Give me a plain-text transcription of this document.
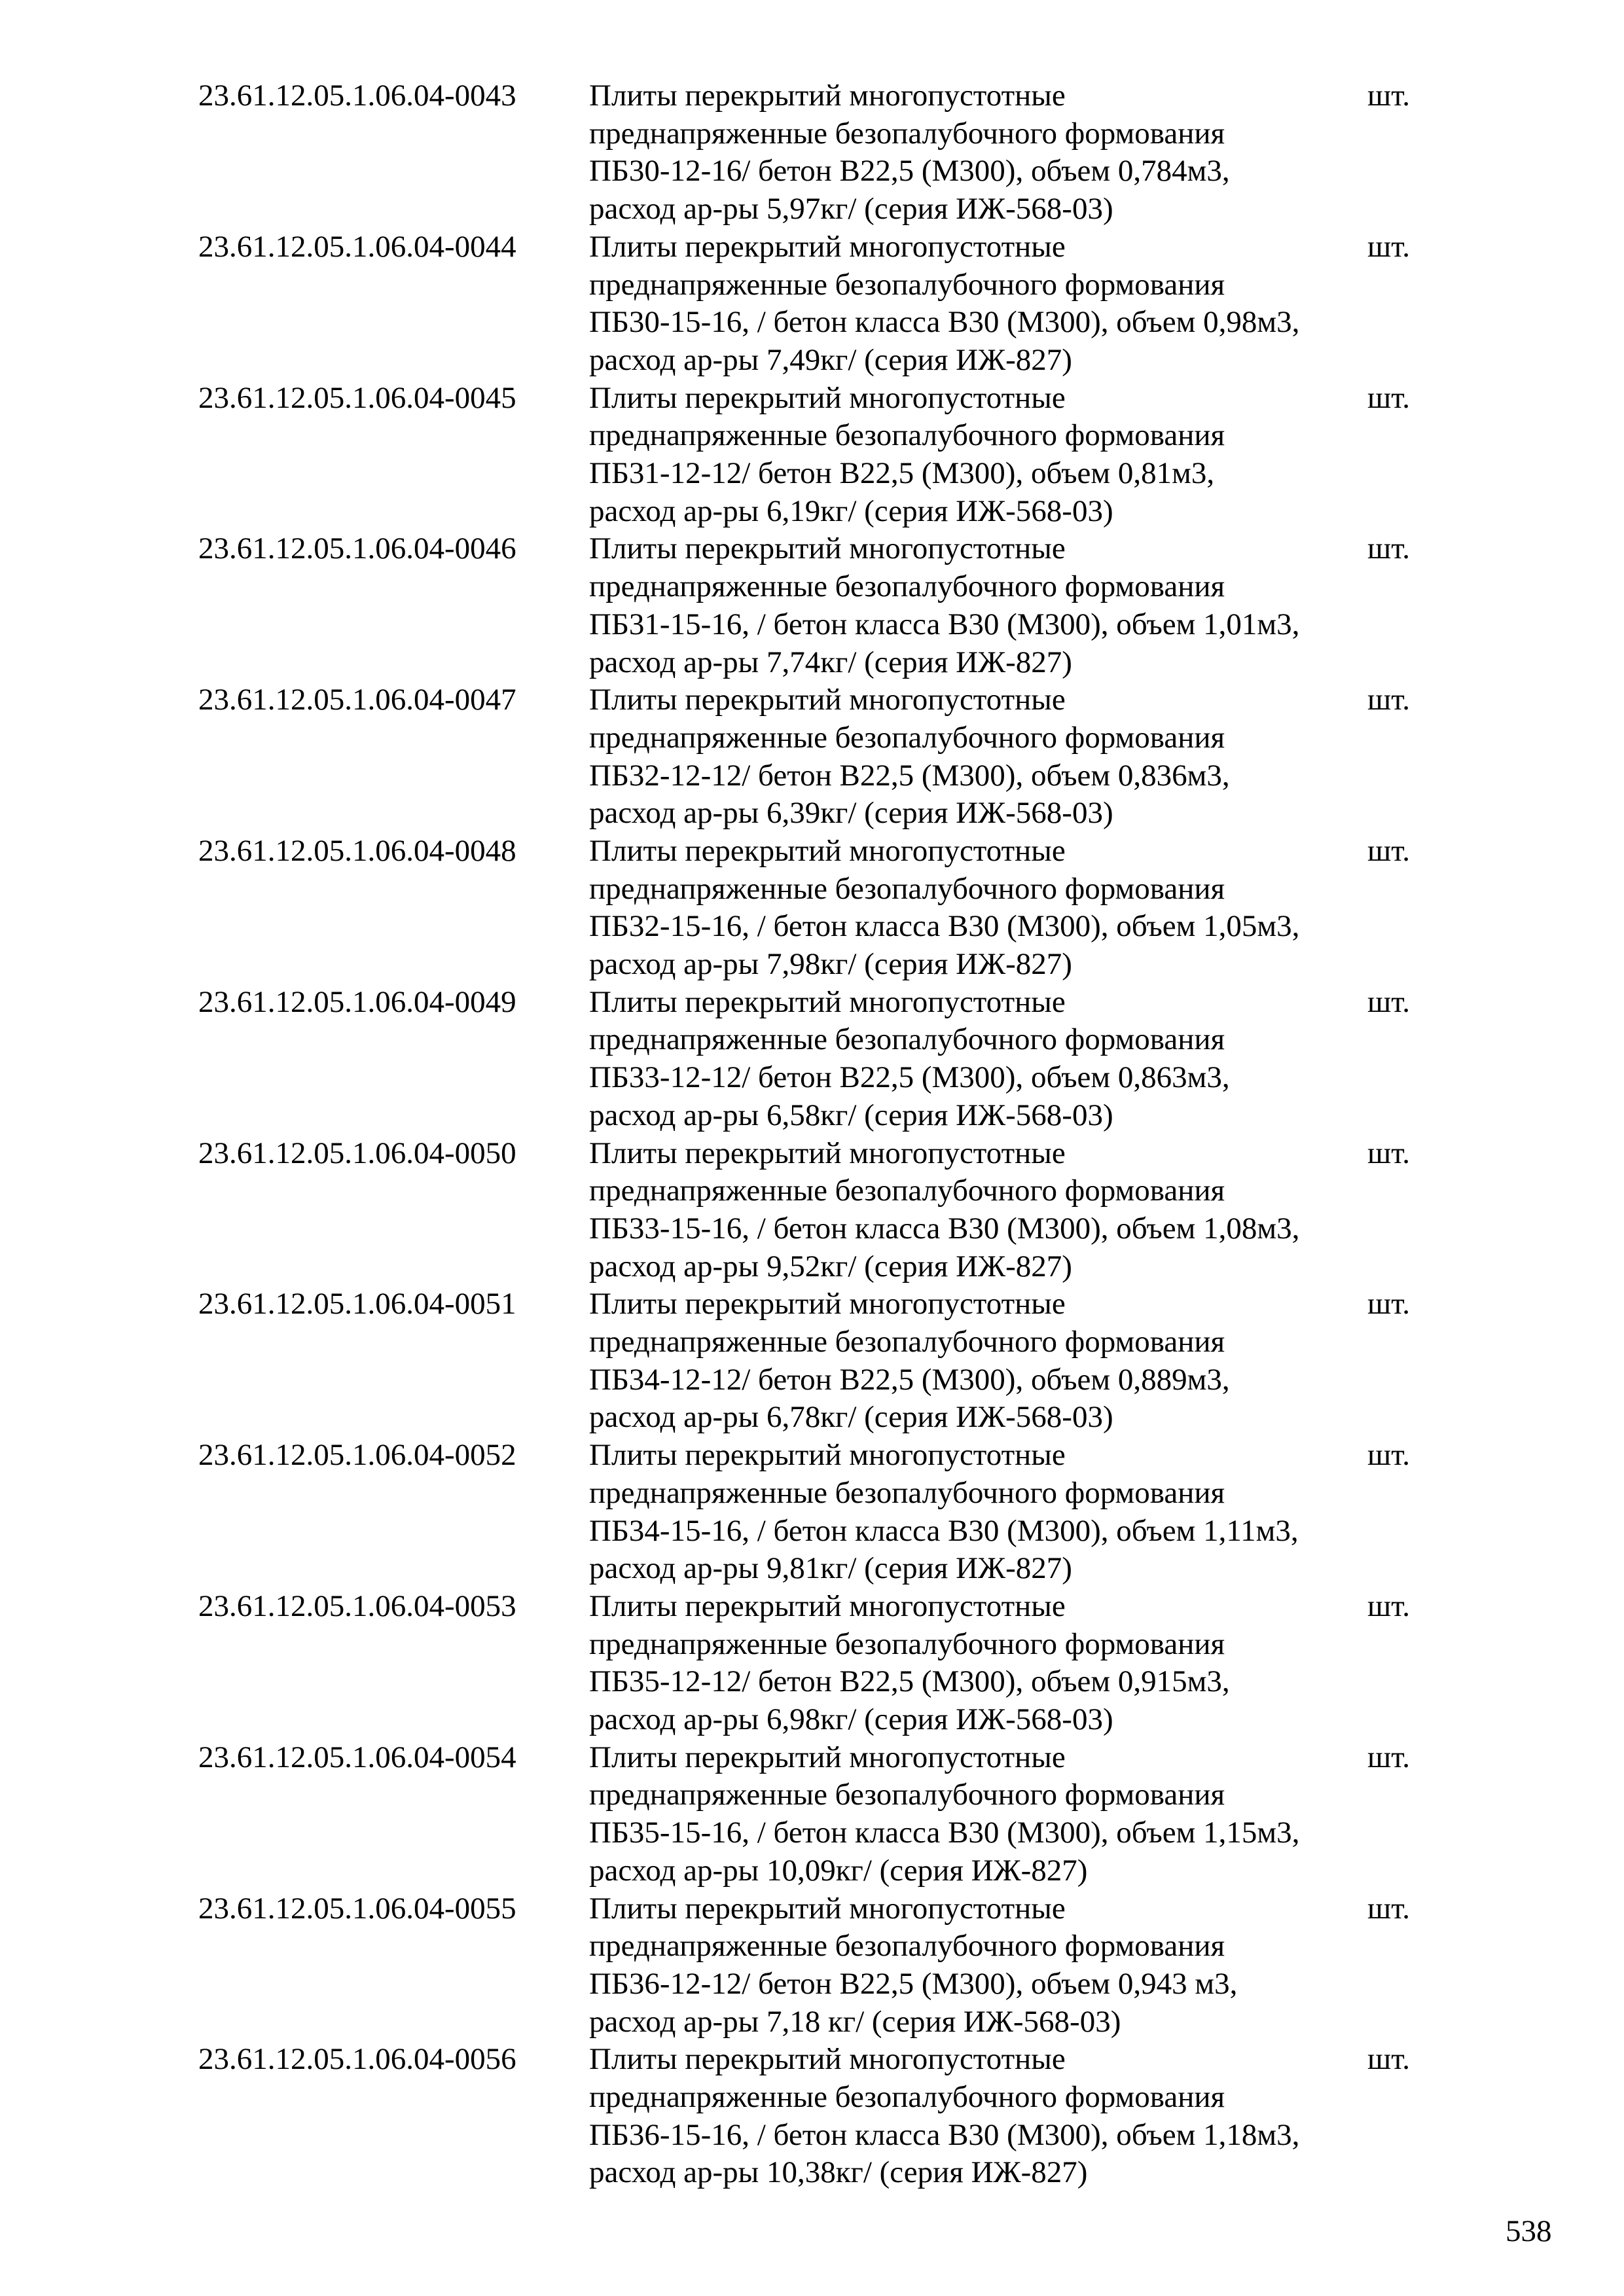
23.61.12.05.1.06.04-0043 Плиты перекрытий многопустотные
преднапряженные безопалубочного формования
ПБ30-12-16/ бетон В22,5 (М300), объем 0,784м3,
расход ар-ры 5,97кг/ (серия ИЖ-568-03)
шт.
23.61.12.05.1.06.04-0044 Плиты перекрытий многопустотные
преднапряженные безопалубочного формования
ПБ30-15-16, / бетон класса В30 (М300), объем 0,98м3,
расход ар-ры 7,49кг/ (серия ИЖ-827)
шт.
23.61.12.05.1.06.04-0045 Плиты перекрытий многопустотные
преднапряженные безопалубочного формования
ПБ31-12-12/ бетон В22,5 (М300), объем 0,81м3,
расход ар-ры 6,19кг/ (серия ИЖ-568-03)
шт.
23.61.12.05.1.06.04-0046 Плиты перекрытий многопустотные
преднапряженные безопалубочного формования
ПБ31-15-16, / бетон класса В30 (М300), объем 1,01м3,
расход ар-ры 7,74кг/ (серия ИЖ-827)
шт.
23.61.12.05.1.06.04-0047 Плиты перекрытий многопустотные
преднапряженные безопалубочного формования
ПБ32-12-12/ бетон В22,5 (М300), объем 0,836м3,
расход ар-ры 6,39кг/ (серия ИЖ-568-03)
шт.
23.61.12.05.1.06.04-0048 Плиты перекрытий многопустотные
преднапряженные безопалубочного формования
ПБ32-15-16, / бетон класса В30 (М300), объем 1,05м3,
расход ар-ры 7,98кг/ (серия ИЖ-827)
шт.
23.61.12.05.1.06.04-0049 Плиты перекрытий многопустотные
преднапряженные безопалубочного формования
ПБ33-12-12/ бетон В22,5 (М300), объем 0,863м3,
расход ар-ры 6,58кг/ (серия ИЖ-568-03)
шт.
23.61.12.05.1.06.04-0050 Плиты перекрытий многопустотные
преднапряженные безопалубочного формования
ПБ33-15-16, / бетон класса В30 (М300), объем 1,08м3,
расход ар-ры 9,52кг/ (серия ИЖ-827)
шт.
23.61.12.05.1.06.04-0051 Плиты перекрытий многопустотные
преднапряженные безопалубочного формования
ПБ34-12-12/ бетон В22,5 (М300), объем 0,889м3,
расход ар-ры 6,78кг/ (серия ИЖ-568-03)
шт.
23.61.12.05.1.06.04-0052 Плиты перекрытий многопустотные
преднапряженные безопалубочного формования
ПБ34-15-16, / бетон класса В30 (М300), объем 1,11м3,
расход ар-ры 9,81кг/ (серия ИЖ-827)
шт.
23.61.12.05.1.06.04-0053 Плиты перекрытий многопустотные
преднапряженные безопалубочного формования
ПБ35-12-12/ бетон В22,5 (М300), объем 0,915м3,
расход ар-ры 6,98кг/ (серия ИЖ-568-03)
шт.
23.61.12.05.1.06.04-0054 Плиты перекрытий многопустотные
преднапряженные безопалубочного формования
ПБ35-15-16, / бетон класса В30 (М300), объем 1,15м3,
расход ар-ры 10,09кг/ (серия ИЖ-827)
шт.
23.61.12.05.1.06.04-0055 Плиты перекрытий многопустотные
преднапряженные безопалубочного формования
ПБ36-12-12/ бетон В22,5 (М300), объем 0,943 м3,
расход ар-ры 7,18 кг/ (серия ИЖ-568-03)
шт.
23.61.12.05.1.06.04-0056 Плиты перекрытий многопустотные
преднапряженные безопалубочного формования
ПБ36-15-16, / бетон класса В30 (М300), объем 1,18м3,
расход ар-ры 10,38кг/ (серия ИЖ-827)
шт.
538
